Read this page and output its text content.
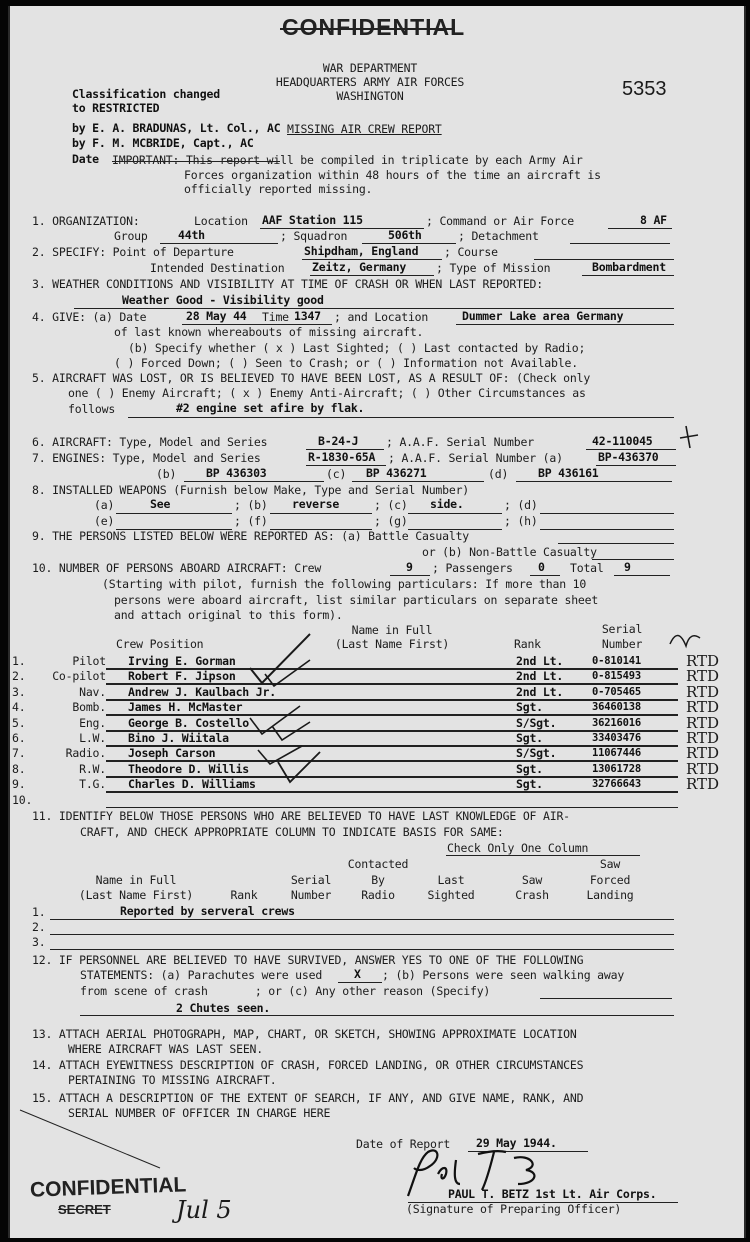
CONFIDENTIAL
5353
WAR DEPARTMENT
HEADQUARTERS ARMY AIR FORCES
WASHINGTON
Classification changed
to RESTRICTED
by E. A. BRADUNAS, Lt. Col., AC
by F. M. MCBRIDE, Capt., AC
Date
MISSING AIR CREW REPORT
IMPORTANT: This report will be compiled in triplicate by each Army Air
Forces organization within 48 hours of the time an aircraft is
officially reported missing.
1. ORGANIZATION:	Location AAF Station 115	; Command or Air Force	8 AF
Group	44th	; Squadron	506th	; Detachment
2. SPECIFY: Point of Departure	Shipdham, England ; Course
Intended Destination Zeitz, Germany	; Type of Mission	Bombardment
3. WEATHER CONDITIONS AND VISIBILITY AT TIME OF CRASH OR WHEN LAST REPORTED:
Weather Good - Visibility good
4. GIVE: (a) Date	28 May 44 Time 1347 ; and Location	Dummer Lake area Germany
of last known whereabouts of missing aircraft.
(b) Specify whether ( x ) Last Sighted; ( ) Last contacted by Radio;
( ) Forced Down; ( ) Seen to Crash; or ( ) Information not Available.
5. AIRCRAFT WAS LOST, OR IS BELIEVED TO HAVE BEEN LOST, AS A RESULT OF: (Check only
one ( ) Enemy Aircraft; ( x ) Enemy Anti-Aircraft; ( ) Other Circumstances as
follows	#2 engine set afire by flak.
6. AIRCRAFT: Type, Model and Series	B-24-J ; A.A.F. Serial Number	42-110045
7. ENGINES: Type, Model and Series	R-1830-65A ; A.A.F. Serial Number (a)	BP-436370
(b)	BP 436303	(c) BP 436271	(d)	BP 436161
8. INSTALLED WEAPONS (Furnish below Make, Type and Serial Number)
(a)	See	; (b) reverse	; (c) side.	; (d)
(e)	; (f)	; (g)	; (h)
9. THE PERSONS LISTED BELOW WERE REPORTED AS: (a) Battle Casualty
or (b) Non-Battle Casualty
10. NUMBER OF PERSONS ABOARD AIRCRAFT: Crew	9 ; Passengers 0 Total 9
(Starting with pilot, furnish the following particulars: If more than 10
persons were aboard aircraft, list similar particulars on separate sheet
and attach original to this form).
Name in Full
(Last Name First)
Crew Position	Rank
Serial
Number
1.	Pilot Irving E. Gorman	2nd Lt.	0-810141	RTD
2.	Co-pilot Robert F. Jipson	2nd Lt.	0-815493	RTD
3.	Nav. Andrew J. Kaulbach Jr.	2nd Lt.	0-705465	RTD
4.	Bomb. James H. McMaster	Sgt.	36460138	RTD
5.	Eng. George B. Costello	S/Sgt.	36216016	RTD
6.	L.W. Bino J. Wiitala	Sgt.	33403476	RTD
7.	Radio. Joseph Carson	S/Sgt.	11067446	RTD
8.	R.W. Theodore D. Willis	Sgt.	13061728	RTD
9.	T.G. Charles D. Williams	Sgt.	32766643	RTD
10.
11. IDENTIFY BELOW THOSE PERSONS WHO ARE BELIEVED TO HAVE LAST KNOWLEDGE OF AIR-
CRAFT, AND CHECK APPROPRIATE COLUMN TO INDICATE BASIS FOR SAME:
Check Only One Column
Name in Full
(Last Name First)	Rank
Serial
Number
Contacted
By
Radio
Last
Sighted
Saw
Crash
Saw
Forced
Landing
1.	Reported by serveral crews
2.
3.
12. IF PERSONNEL ARE BELIEVED TO HAVE SURVIVED, ANSWER YES TO ONE OF THE FOLLOWING
STATEMENTS: (a) Parachutes were used	X ; (b) Persons were seen walking away
from scene of crash       ; or (c) Any other reason (Specify)
2 Chutes seen.
13. ATTACH AERIAL PHOTOGRAPH, MAP, CHART, OR SKETCH, SHOWING APPROXIMATE LOCATION
WHERE AIRCRAFT WAS LAST SEEN.
14. ATTACH EYEWITNESS DESCRIPTION OF CRASH, FORCED LANDING, OR OTHER CIRCUMSTANCES
PERTAINING TO MISSING AIRCRAFT.
15. ATTACH A DESCRIPTION OF THE EXTENT OF SEARCH, IF ANY, AND GIVE NAME, RANK, AND
SERIAL NUMBER OF OFFICER IN CHARGE HERE
Date of Report 29 May 1944.
PAUL T. BETZ 1st Lt. Air Corps.
(Signature of Preparing Officer)
CONFIDENTIAL
SECRET	Jul 5
